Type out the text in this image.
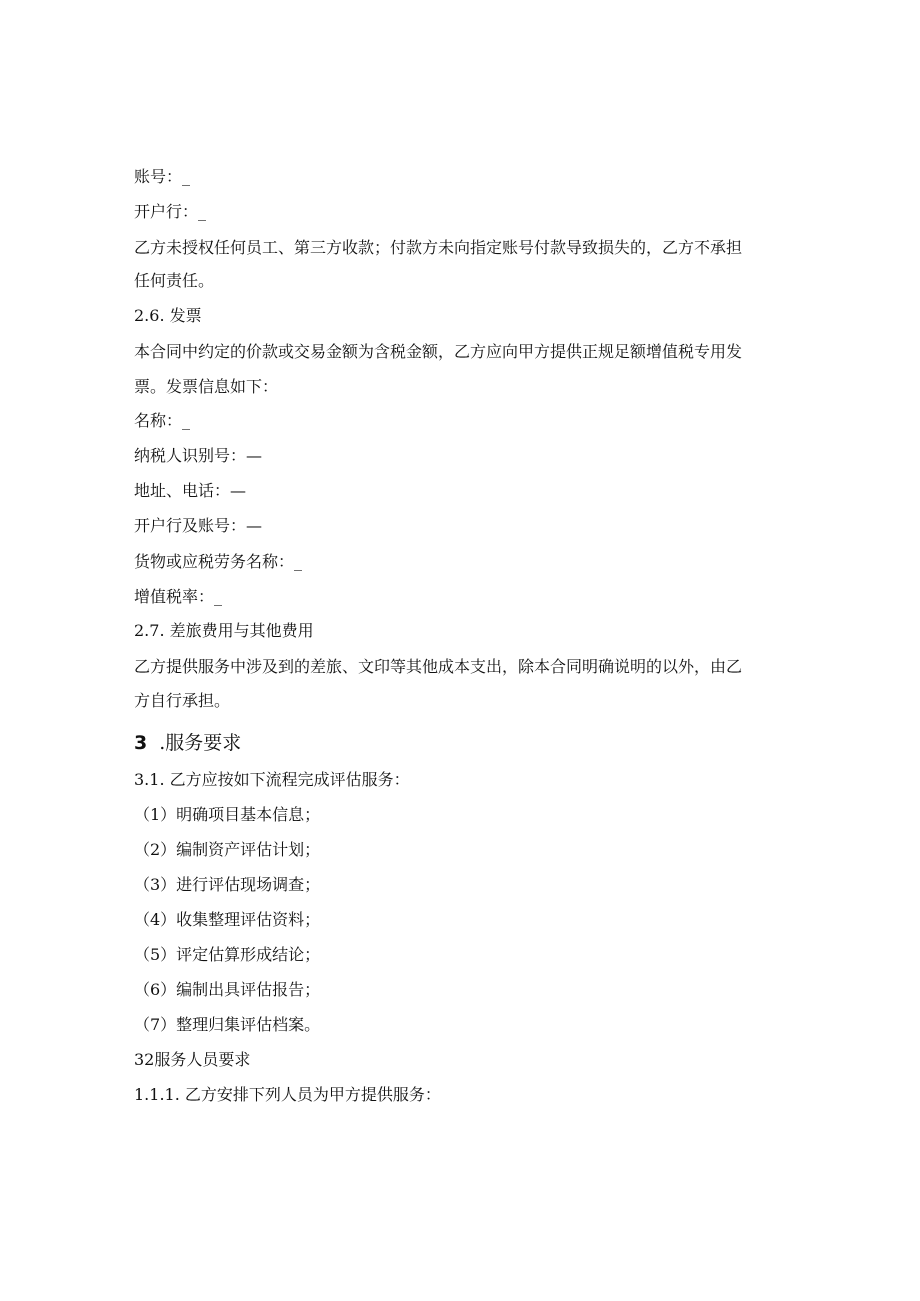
账号：_
开户行：_
乙方未授权任何员工、第三方收款；付款方未向指定账号付款导致损失的，乙方不承担
任何责任。
2.6. 发票
本合同中约定的价款或交易金额为含税金额，乙方应向甲方提供正规足额增值税专用发
票。发票信息如下：
名称：_
纳税人识别号：—
地址、电话：—
开户行及账号：—
货物或应税劳务名称：_
增值税率：_
2.7. 差旅费用与其他费用
乙方提供服务中涉及到的差旅、文印等其他成本支出，除本合同明确说明的以外，由乙
方自行承担。
3 .服务要求
3.1. 乙方应按如下流程完成评估服务：
（1）明确项目基本信息；
（2）编制资产评估计划；
（3）进行评估现场调查；
（4）收集整理评估资料；
（5）评定估算形成结论；
（6）编制出具评估报告；
（7）整理归集评估档案。
32服务人员要求
1.1.1. 乙方安排下列人员为甲方提供服务：
